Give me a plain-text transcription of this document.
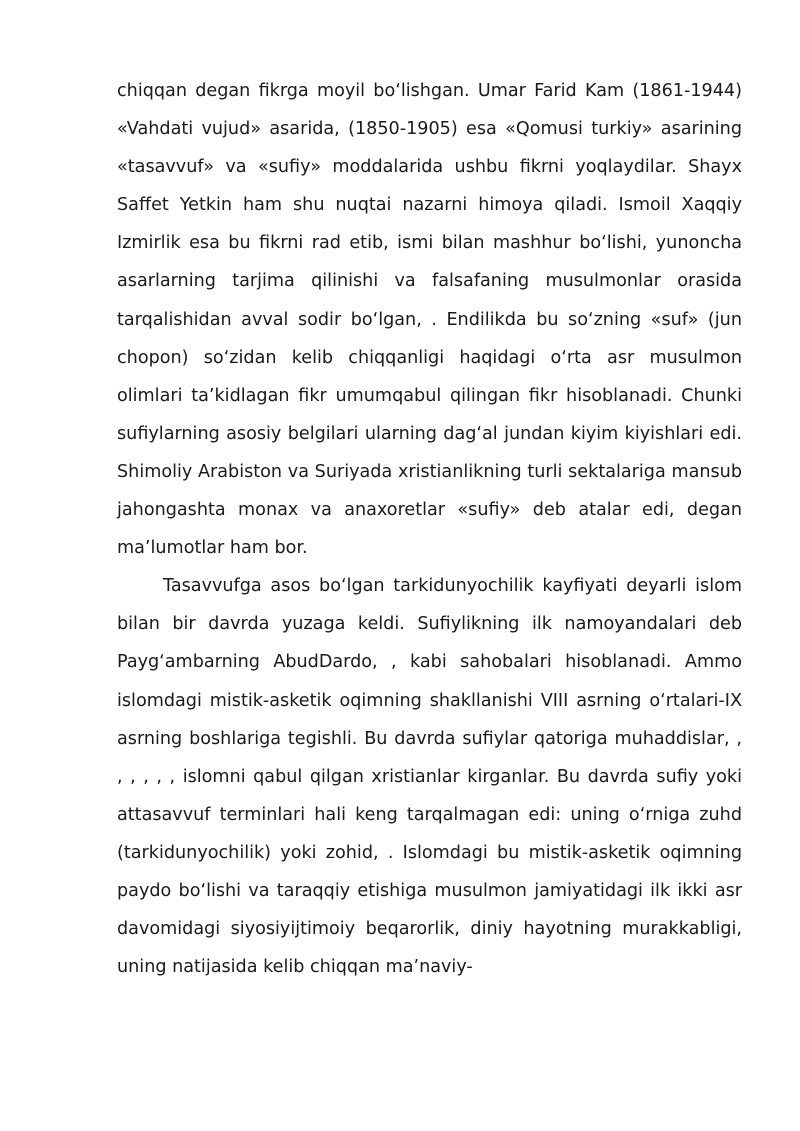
chiqqan degan fikrga moyil bo‘lishgan. Umar Farid Kam (1861-1944) «Vahdati vujud» asarida, (1850-1905) esa «Qomusi turkiy» asarining «tasavvuf» va «sufiy» moddalarida ushbu fikrni yoqlaydilar. Shayx Saffet Yetkin ham shu nuqtai nazarni himoya qiladi. Ismoil Xaqqiy Izmirlik esa bu fikrni rad etib, ismi bilan mashhur bo‘lishi, yunoncha asarlarning tarjima qilinishi va falsafaning musulmonlar orasida tarqalishidan avval sodir bo‘lgan, . Endilikda bu so‘zning «suf» (jun chopon) so‘zidan kelib chiqqanligi haqidagi o‘rta asr musulmon olimlari ta’kidlagan fikr umumqabul qilingan fikr hisoblanadi. Chunki sufiylarning asosiy belgilari ularning dag‘al jundan kiyim kiyishlari edi. Shimoliy Arabiston va Suriyada xristianlikning turli sektalariga mansub jahongashta monax va anaxoretlar «sufiy» deb atalar edi, degan ma’lumotlar ham bor.

Tasavvufga asos bo‘lgan tarkidunyochilik kayfiyati deyarli islom bilan bir davrda yuzaga keldi. Sufiylikning ilk namoyandalari deb Payg‘ambarning AbudDardo, , kabi sahobalari hisoblanadi. Ammo islomdagi mistik-asketik oqimning shakllanishi VIII asrning o‘rtalari-IX asrning boshlariga tegishli. Bu davrda sufiylar qatoriga muhaddislar, , , , , , , islomni qabul qilgan xristianlar kirganlar. Bu davrda sufiy yoki attasavvuf terminlari hali keng tarqalmagan edi: uning o‘rniga zuhd (tarkidunyochilik) yoki zohid, . Islomdagi bu mistik-asketik oqimning paydo bo‘lishi va taraqqiy etishiga musulmon jamiyatidagi ilk ikki asr davomidagi siyosiyijtimoiy beqarorlik, diniy hayotning murakkabligi, uning natijasida kelib chiqqan ma’naviy-
